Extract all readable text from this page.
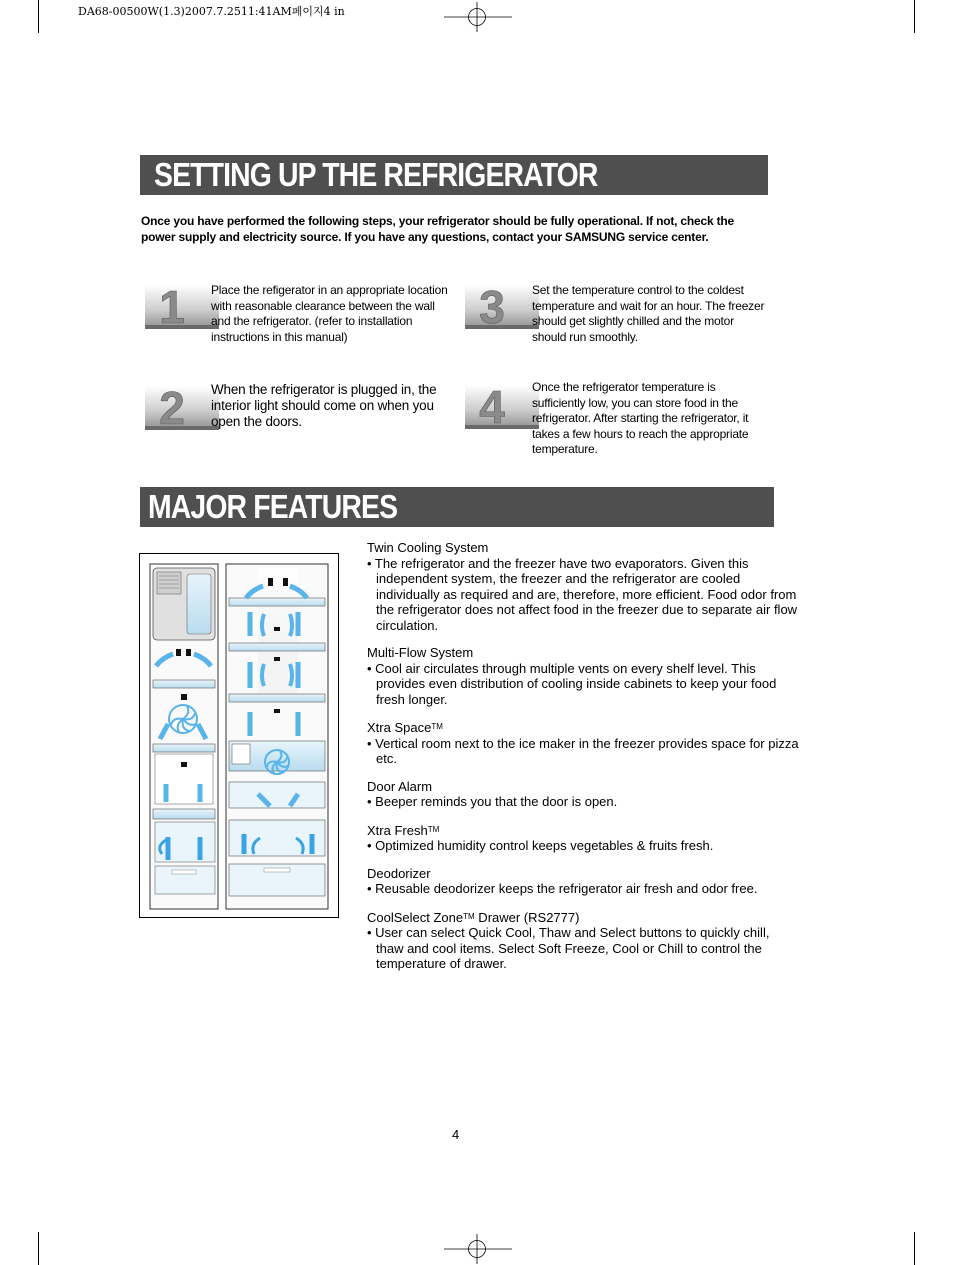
DA68-00500W(1.3)2007.7.2511:41AM페이지4 in
SETTING UP THE REFRIGERATOR
Once you have performed the following steps, your refrigerator should be fully operational. If not, check the power supply and electricity source. If you have any questions, contact your SAMSUNG service center.
1
2
3
4
Place the refigerator in an appropriate location with reasonable clearance between the wall and the refrigerator. (refer to installation instructions in this manual)
When the refrigerator is plugged in, the interior light should come on when you open the doors.
Set the temperature control to the coldest temperature and wait for an hour. The freezer should get slightly chilled and the motor should run smoothly.
Once the refrigerator temperature is sufficiently low, you can store food in the refrigerator. After starting the refrigerator, it takes a few hours to reach the appropriate temperature.
MAJOR FEATURES

Twin Cooling System

• The refrigerator and the freezer have two evaporators. Given this independent system, the freezer and the refrigerator are cooled individually as required and are, therefore, more efficient. Food odor from the refrigerator does not affect food in the freezer due to separate air flow circulation.

Multi-Flow System

• Cool air circulates through multiple vents on every shelf level. This provides even distribution of cooling inside cabinets to keep your food fresh longer.

Xtra Space™

• Vertical room next to the ice maker in the freezer provides space for pizza etc.

Door Alarm

• Beeper reminds you that the door is open.

Xtra Fresh™

• Optimized humidity control keeps vegetables & fruits fresh.

Deodorizer

• Reusable deodorizer keeps the refrigerator air fresh and odor free.

CoolSelect Zone™ Drawer (RS2777)

• User can select Quick Cool, Thaw and Select buttons to quickly chill, thaw and cool items. Select Soft Freeze, Cool or Chill to control the temperature of drawer.

4
